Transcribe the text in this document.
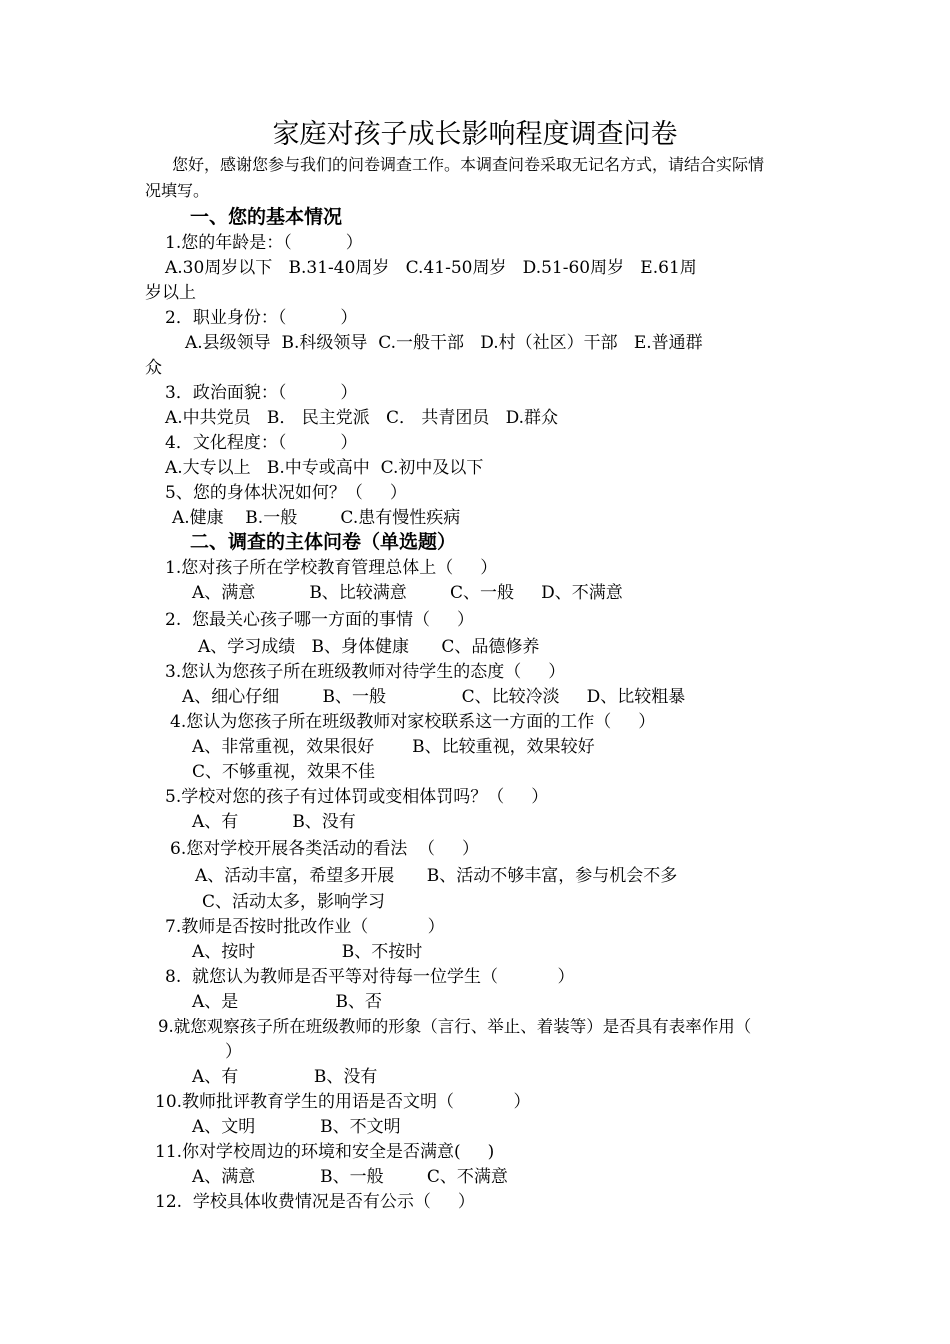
家庭对孩子成长影响程度调查问卷
您好，感谢您参与我们的问卷调查工作。本调查问卷采取无记名方式，请结合实际情
况填写。
一、您的基本情况
1.您的年龄是：（          ）
A.30周岁以下   B.31-40周岁   C.41-50周岁   D.51-60周岁   E.61周
岁以上
2．职业身份：（          ）
A.县级领导  B.科级领导  C.一般干部   D.村（社区）干部   E.普通群
众
3．政治面貌：（          ）
A.中共党员   B． 民主党派   C． 共青团员   D.群众
4．文化程度：（          ）
A.大专以上   B.中专或高中  C.初中及以下
5、您的身体状况如何？（     ）
A.健康    B.一般        C.患有慢性疾病
二、调查的主体问卷（单选题）
1.您对孩子所在学校教育管理总体上（     ）
A、满意          B、比较满意        C、一般     D、不满意
2.  您最关心孩子哪一方面的事情（     ）
A、学习成绩   B、身体健康      C、品德修养
3.您认为您孩子所在班级教师对待学生的态度（     ）
A、细心仔细        B、一般              C、比较冷淡     D、比较粗暴
4.您认为您孩子所在班级教师对家校联系这一方面的工作（     ）
A、非常重视，效果很好       B、比较重视，效果较好
C、不够重视，效果不佳
5.学校对您的孩子有过体罚或变相体罚吗？（     ）
A、有          B、没有
6.您对学校开展各类活动的看法  （     ）
A、活动丰富，希望多开展      B、活动不够丰富，参与机会不多
C、活动太多，影响学习
7.教师是否按时批改作业（           ）
A、按时                B、不按时
8.  就您认为教师是否平等对待每一位学生（           ）
A、是                  B、否
9.就您观察孩子所在班级教师的形象（言行、举止、着装等）是否具有表率作用（
）
A、有              B、没有
10.教师批评教育学生的用语是否文明（           ）
A、文明            B、不文明
11.你对学校周边的环境和安全是否满意(     )
A、满意            B、一般        C、不满意
12.  学校具体收费情况是否有公示（     ）
